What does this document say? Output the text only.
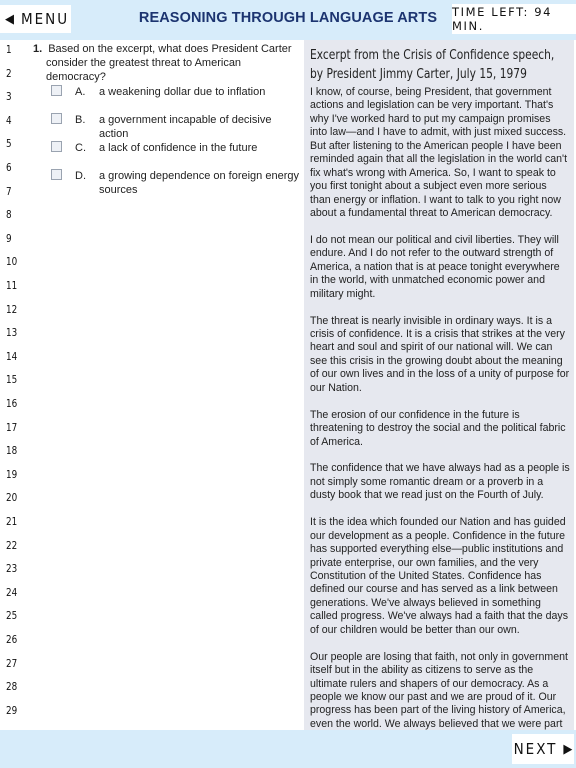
◀ MENU	REASONING THROUGH LANGUAGE ARTS	TIME LEFT: 94 MIN.
1
2
3
4
5
6
7
8
9
10
11
12
13
14
15
16
17
18
19
20
21
22
23
24
25
26
27
28
29
1. Based on the excerpt, what does President Carter consider the greatest threat to American democracy?
A.	a weakening dollar due to inflation
B.	a government incapable of decisive action
C.	a lack of confidence in the future
D.	a growing dependence on foreign energy sources
Excerpt from the Crisis of Confidence speech, by President Jimmy Carter, July 15, 1979
I know, of course, being President, that government actions and legislation can be very important. That's why I've worked hard to put my campaign promises into law—and I have to admit, with just mixed success. But after listening to the American people I have been reminded again that all the legislation in the world can't fix what's wrong with America. So, I want to speak to you first tonight about a subject even more serious than energy or inflation. I want to talk to you right now about a fundamental threat to American democracy.
I do not mean our political and civil liberties. They will endure. And I do not refer to the outward strength of America, a nation that is at peace tonight everywhere in the world, with unmatched economic power and military might.
The threat is nearly invisible in ordinary ways. It is a crisis of confidence. It is a crisis that strikes at the very heart and soul and spirit of our national will. We can see this crisis in the growing doubt about the meaning of our own lives and in the loss of a unity of purpose for our Nation.
The erosion of our confidence in the future is threatening to destroy the social and the political fabric of America.
The confidence that we have always had as a people is not simply some romantic dream or a proverb in a dusty book that we read just on the Fourth of July.
It is the idea which founded our Nation and has guided our development as a people. Confidence in the future has supported everything else—public institutions and private enterprise, our own families, and the very Constitution of the United States. Confidence has defined our course and has served as a link between generations. We've always believed in something called progress. We've always had a faith that the days of our children would be better than our own.
Our people are losing that faith, not only in government itself but in the ability as citizens to serve as the ultimate rulers and shapers of our democracy. As a people we know our past and we are proud of it. Our progress has been part of the living history of America, even the world. We always believed that we were part
NEXT ▶
